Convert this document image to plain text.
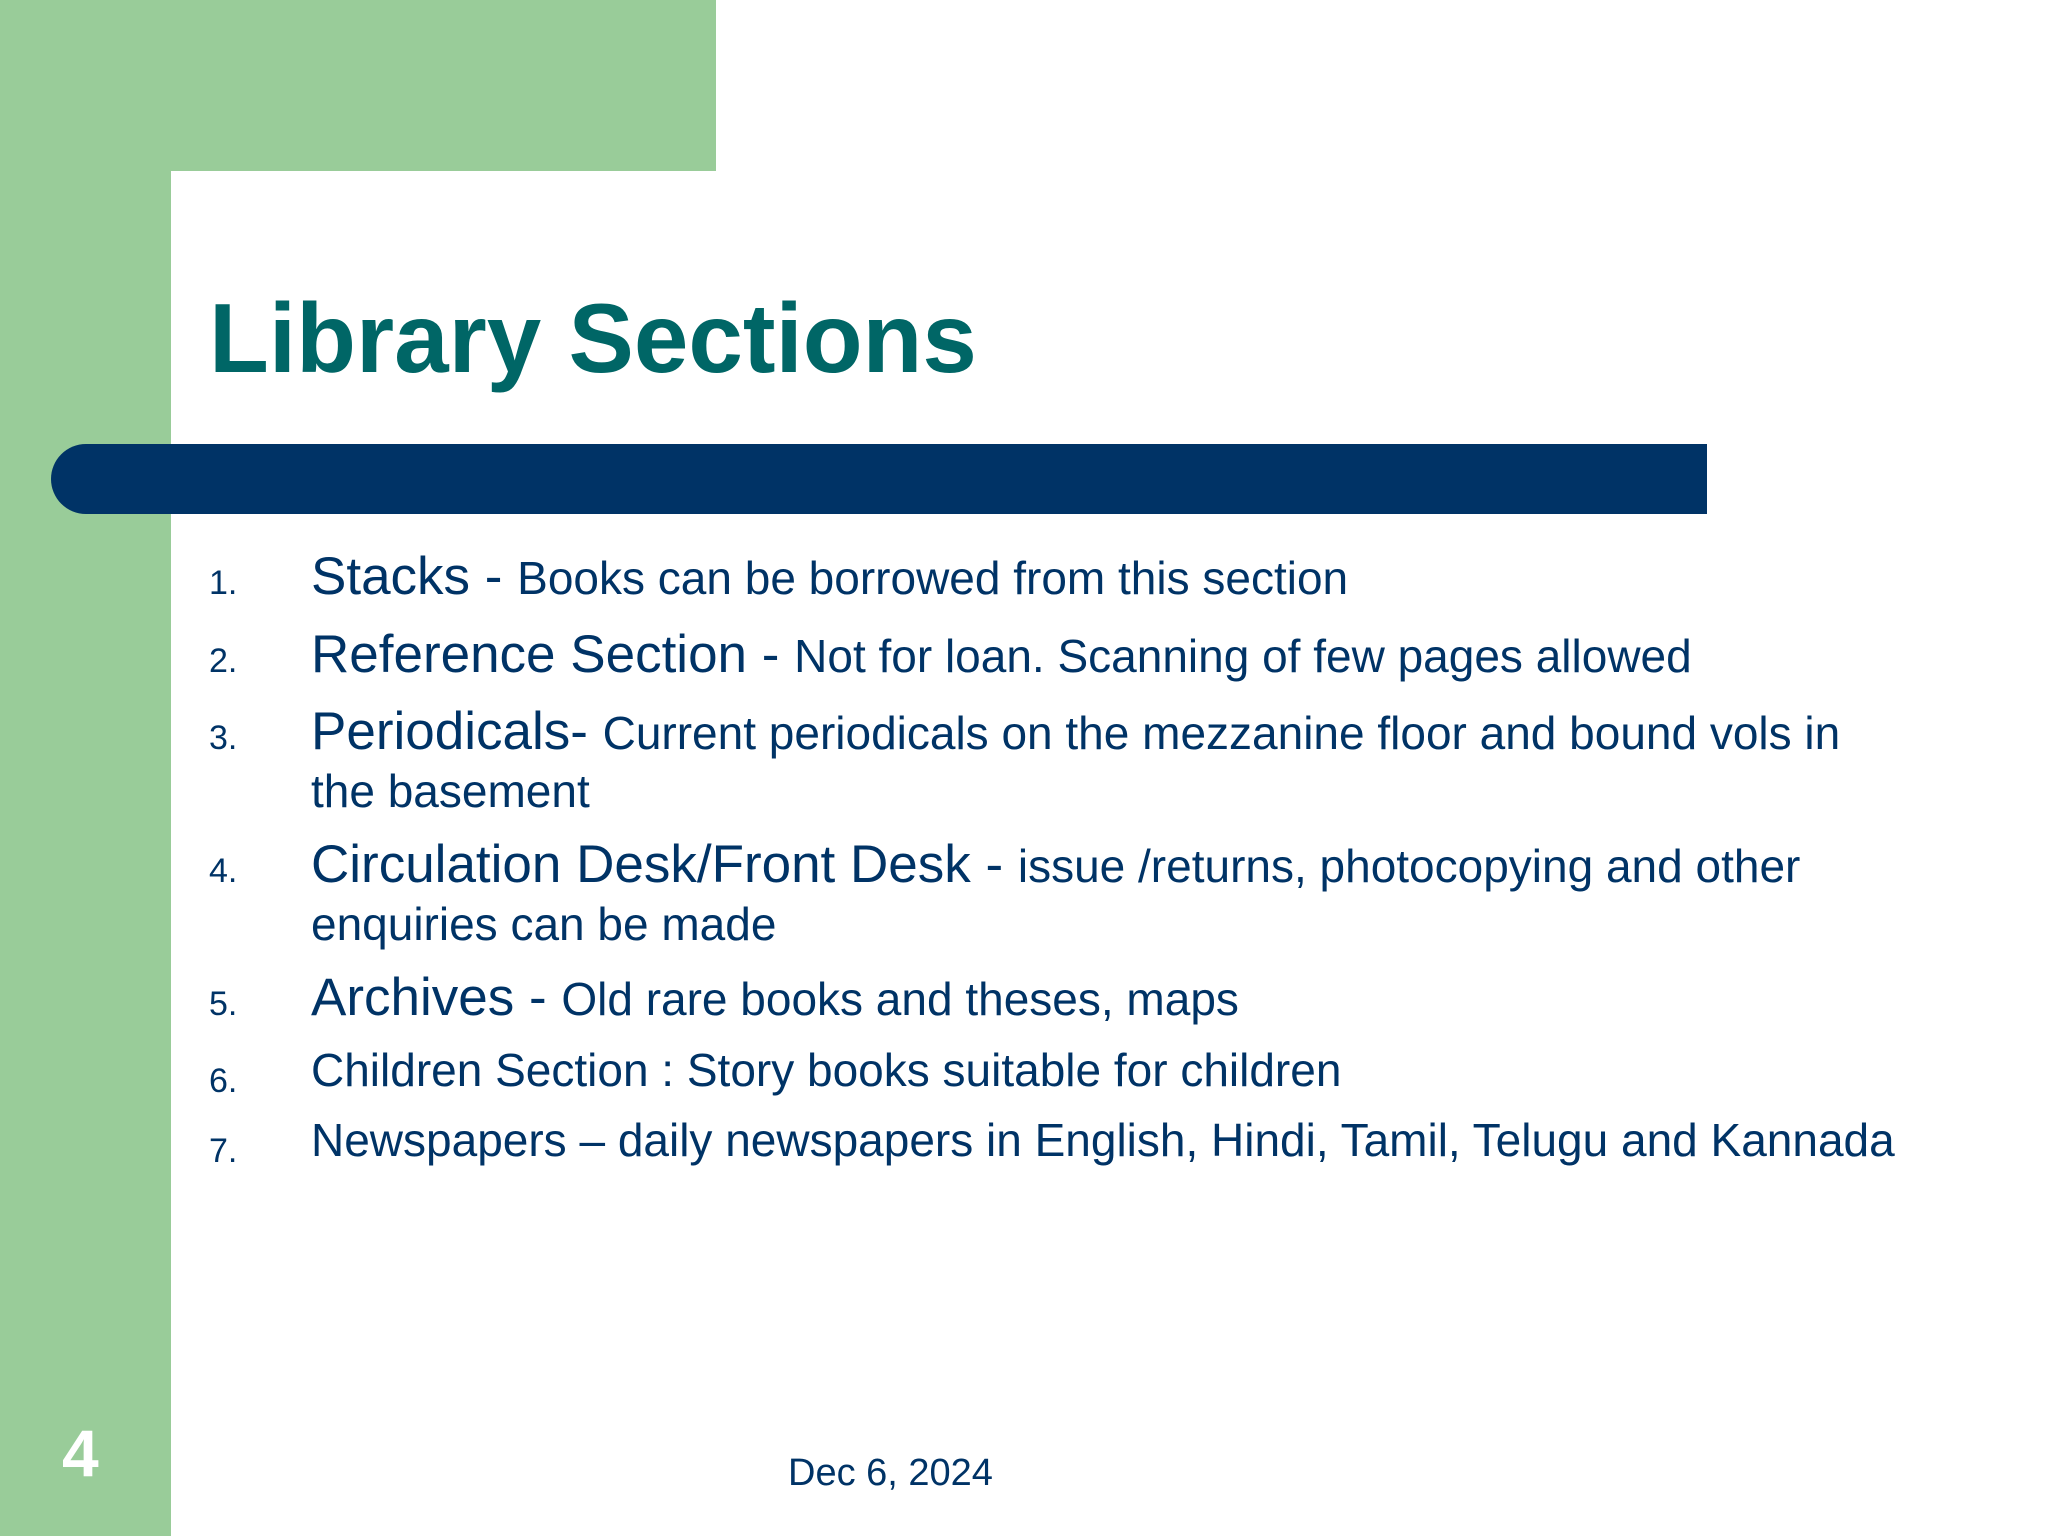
Library Sections
1. Stacks - Books can be borrowed from this section
2. Reference Section - Not for loan. Scanning of few pages allowed
3. Periodicals- Current periodicals on the mezzanine floor and bound vols in the basement
4. Circulation Desk/Front Desk - issue /returns, photocopying and other enquiries can be made
5. Archives - Old rare books and theses, maps
6. Children Section : Story books suitable for children
7. Newspapers – daily newspapers in English, Hindi, Tamil, Telugu and Kannada
4	Dec 6, 2024
